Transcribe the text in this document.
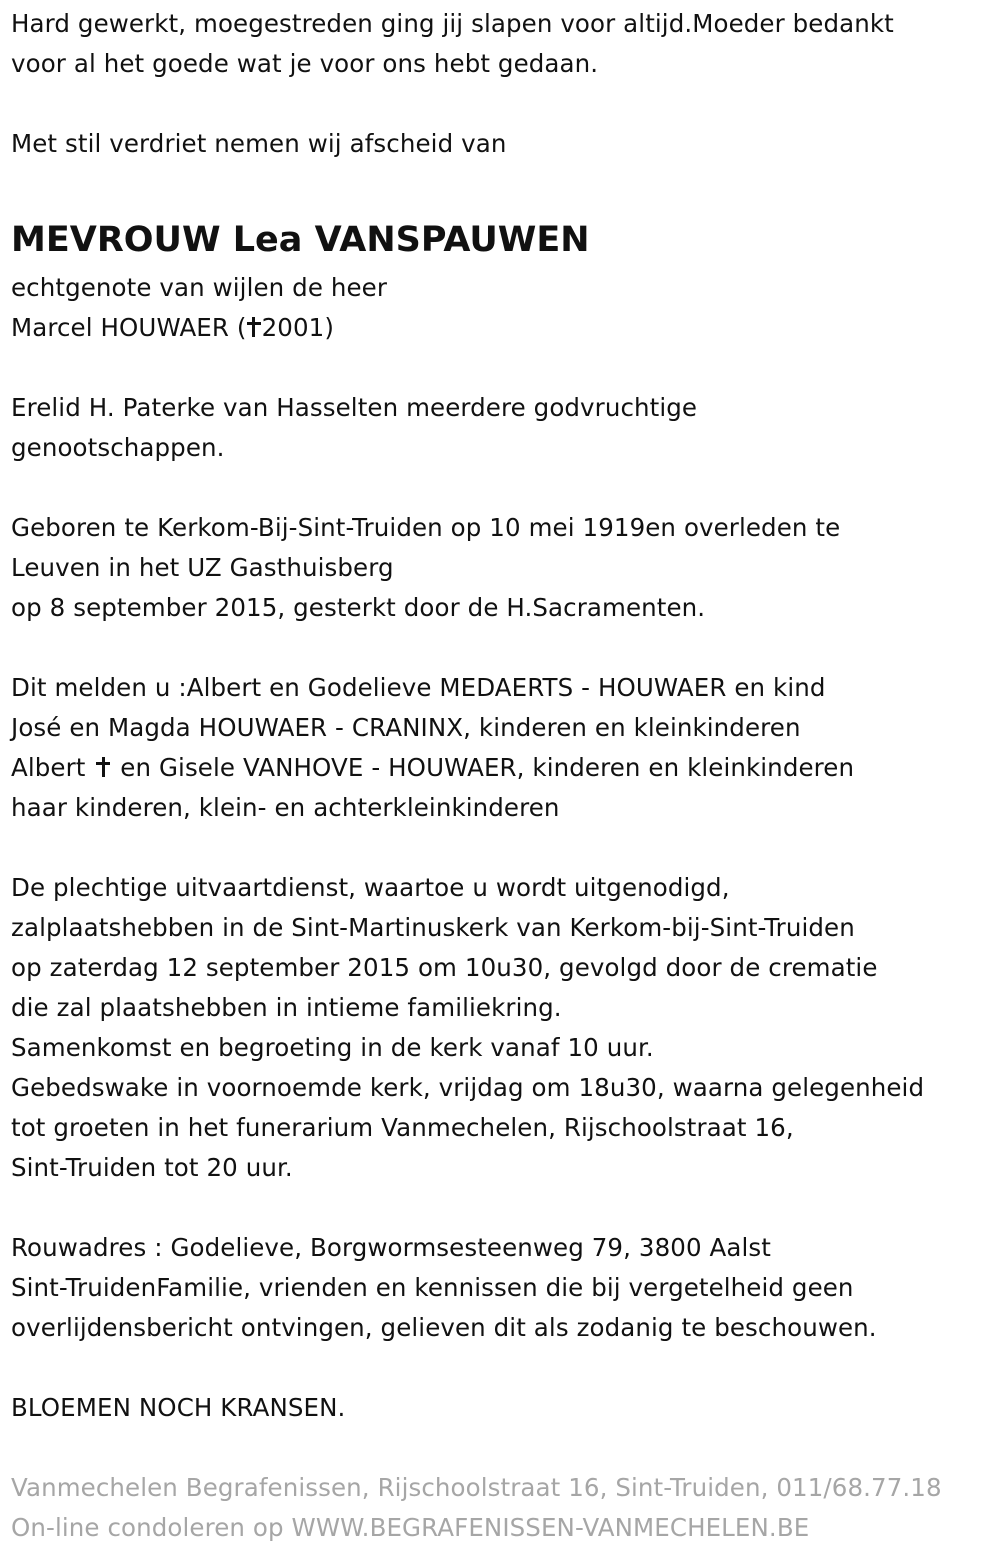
Hard gewerkt, moegestreden ging jij slapen voor altijd.Moeder bedankt
voor al het goede wat je voor ons hebt gedaan.
Met stil verdriet nemen wij afscheid van
MEVROUW Lea VANSPAUWEN
echtgenote van wijlen de heer
Marcel HOUWAER ( 2001)
Erelid H. Paterke van Hasselten meerdere godvruchtige
genootschappen.
Geboren te Kerkom-Bij-Sint-Truiden op 10 mei 1919en overleden te
Leuven in het UZ Gasthuisberg
op 8 september 2015, gesterkt door de H.Sacramenten.
Dit melden u :Albert en Godelieve MEDAERTS - HOUWAER en kind
José en Magda HOUWAER - CRANINX, kinderen en kleinkinderen
Albert en Gisele VANHOVE - HOUWAER, kinderen en kleinkinderen
haar kinderen, klein- en achterkleinkinderen
De plechtige uitvaartdienst, waartoe u wordt uitgenodigd,
zalplaatshebben in de Sint-Martinuskerk van Kerkom-bij-Sint-Truiden
op zaterdag 12 september 2015 om 10u30, gevolgd door de crematie
die zal plaatshebben in intieme familiekring.
Samenkomst en begroeting in de kerk vanaf 10 uur.
Gebedswake in voornoemde kerk, vrijdag om 18u30, waarna gelegenheid
tot groeten in het funerarium Vanmechelen, Rijschoolstraat 16,
Sint-Truiden tot 20 uur.
Rouwadres : Godelieve, Borgwormsesteenweg 79, 3800 Aalst
Sint-TruidenFamilie, vrienden en kennissen die bij vergetelheid geen
overlijdensbericht ontvingen, gelieven dit als zodanig te beschouwen.
BLOEMEN NOCH KRANSEN.
Vanmechelen Begrafenissen, Rijschoolstraat 16, Sint-Truiden, 011/68.77.18
On-line condoleren op WWW.BEGRAFENISSEN-VANMECHELEN.BE
